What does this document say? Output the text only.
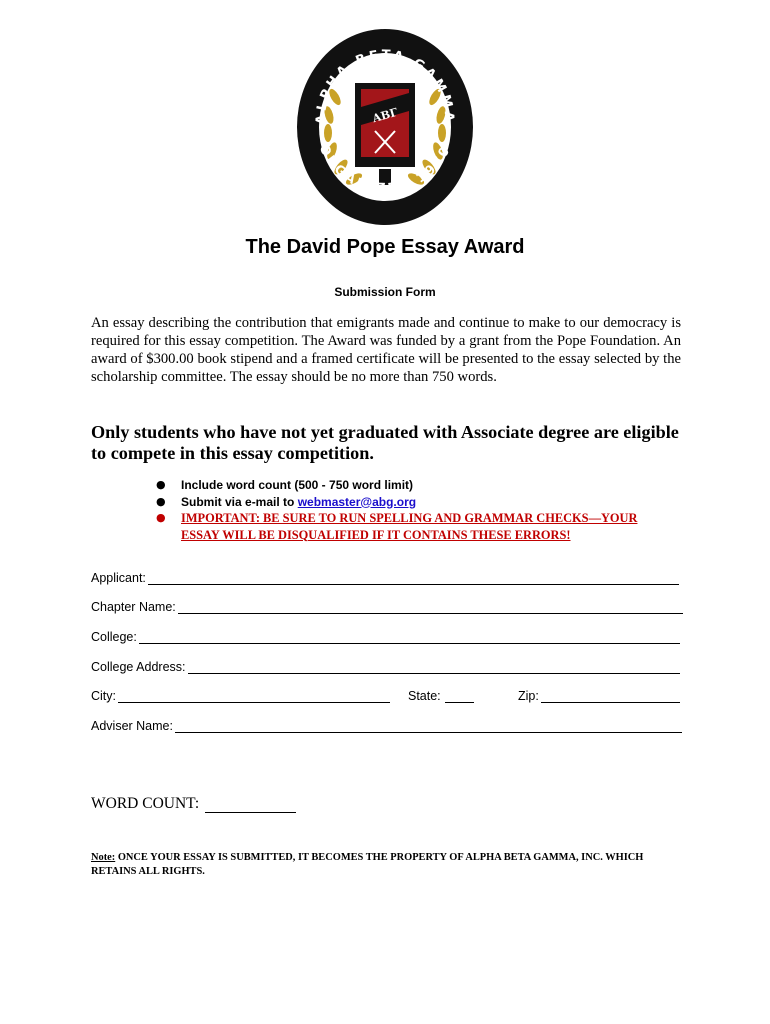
ΑΒΓ
ALPHA BETA GAMMA
ORGANIZED 1970
The David Pope Essay Award
Submission Form

An essay describing the contribution that emigrants made and continue to make to our democracy is required for this essay competition. The Award was funded by a grant from the Pope Foundation. An award of $300.00 book stipend and a framed certificate will be presented to the essay selected by the scholarship committee. The essay should be no more than 750 words.

Only students who have not yet graduated with Associate degree are eligible to compete in this essay competition.

● Include word count (500 - 750 word limit)
● Submit via e-mail to webmaster@abg.org
● IMPORTANT: BE SURE TO RUN SPELLING AND GRAMMAR CHECKS—YOUR ESSAY WILL BE DISQUALIFIED IF IT CONTAINS THESE ERRORS!
Applicant:
Chapter Name:
College:
College Address:
City:	State:	Zip:
Adviser Name:
WORD COUNT:

Note: ONCE YOUR ESSAY IS SUBMITTED, IT BECOMES THE PROPERTY OF ALPHA BETA GAMMA, INC. WHICH RETAINS ALL RIGHTS.
